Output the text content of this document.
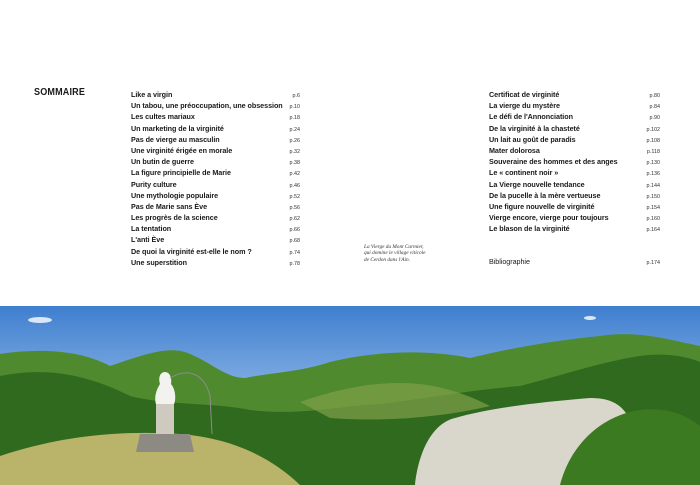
SOMMAIRE	Like a virgin	p.6
Un tabou, une préoccupation, une obsession p.10
Les cultes mariaux	p.18
Un marketing de la virginité	p.24
Pas de vierge au masculin	p.26
Une virginité érigée en morale	p.32
Un butin de guerre	p.38
La figure principielle de Marie	p.42
Purity culture	p.46
Une mythologie populaire	p.52
Pas de Marie sans Ève	p.56
Les progrès de la science	p.62
La tentation	p.66
L'anti Ève	p.68
De quoi la virginité est-elle le nom ?	p.74
Une superstition	p.78
Certificat de virginité	p.80
La vierge du mystère	p.84
Le défi de l'Annonciation	p.90
De la virginité à la chasteté	p.102
Un lait au goût de paradis	p.108
Mater dolorosa	p.118
Souveraine des hommes et des anges	p.130
Le « continent noir »	p.136
La Vierge nouvelle tendance	p.144
De la pucelle à la mère vertueuse	p.150
Une figure nouvelle de virginité	p.154
Vierge encore, vierge pour toujours	p.160
Le blason de la virginité	p.164
Bibliographie	p.174
La Vierge du Mont Carmier,
qui domine le village viticole
de Cerdon dans l'Ain.
